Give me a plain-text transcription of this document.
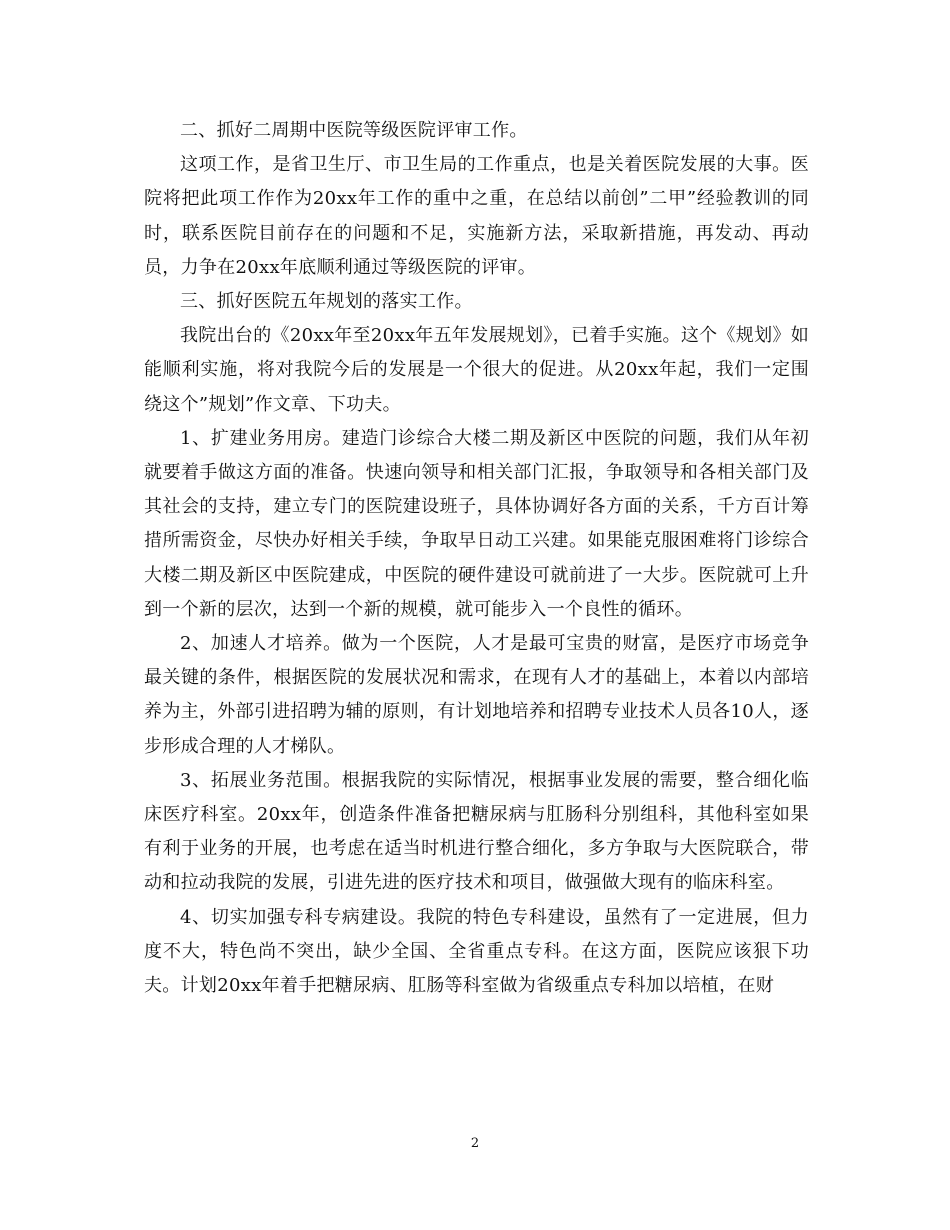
二、抓好二周期中医院等级医院评审工作。

这项工作，是省卫生厅、市卫生局的工作重点，也是关着医院发展的大事。医院将把此项工作作为20xx年工作的重中之重，在总结以前创”二甲”经验教训的同时，联系医院目前存在的问题和不足，实施新方法，采取新措施，再发动、再动员，力争在20xx年底顺利通过等级医院的评审。

三、抓好医院五年规划的落实工作。

我院出台的《20xx年至20xx年五年发展规划》，已着手实施。这个《规划》如能顺利实施，将对我院今后的发展是一个很大的促进。从20xx年起，我们一定围绕这个”规划”作文章、下功夫。

1、扩建业务用房。建造门诊综合大楼二期及新区中医院的问题，我们从年初就要着手做这方面的准备。快速向领导和相关部门汇报，争取领导和各相关部门及其社会的支持，建立专门的医院建设班子，具体协调好各方面的关系，千方百计筹措所需资金，尽快办好相关手续，争取早日动工兴建。如果能克服困难将门诊综合大楼二期及新区中医院建成，中医院的硬件建设可就前进了一大步。医院就可上升到一个新的层次，达到一个新的规模，就可能步入一个良性的循环。

2、加速人才培养。做为一个医院，人才是最可宝贵的财富，是医疗市场竞争最关键的条件，根据医院的发展状况和需求，在现有人才的基础上，本着以内部培养为主，外部引进招聘为辅的原则，有计划地培养和招聘专业技术人员各10人，逐步形成合理的人才梯队。

3、拓展业务范围。根据我院的实际情况，根据事业发展的需要，整合细化临床医疗科室。20xx年，创造条件准备把糖尿病与肛肠科分别组科，其他科室如果有利于业务的开展，也考虑在适当时机进行整合细化，多方争取与大医院联合，带动和拉动我院的发展，引进先进的医疗技术和项目，做强做大现有的临床科室。

4、切实加强专科专病建设。我院的特色专科建设，虽然有了一定进展，但力度不大，特色尚不突出，缺少全国、全省重点专科。在这方面，医院应该狠下功夫。计划20xx年着手把糖尿病、肛肠等科室做为省级重点专科加以培植，在财

2
